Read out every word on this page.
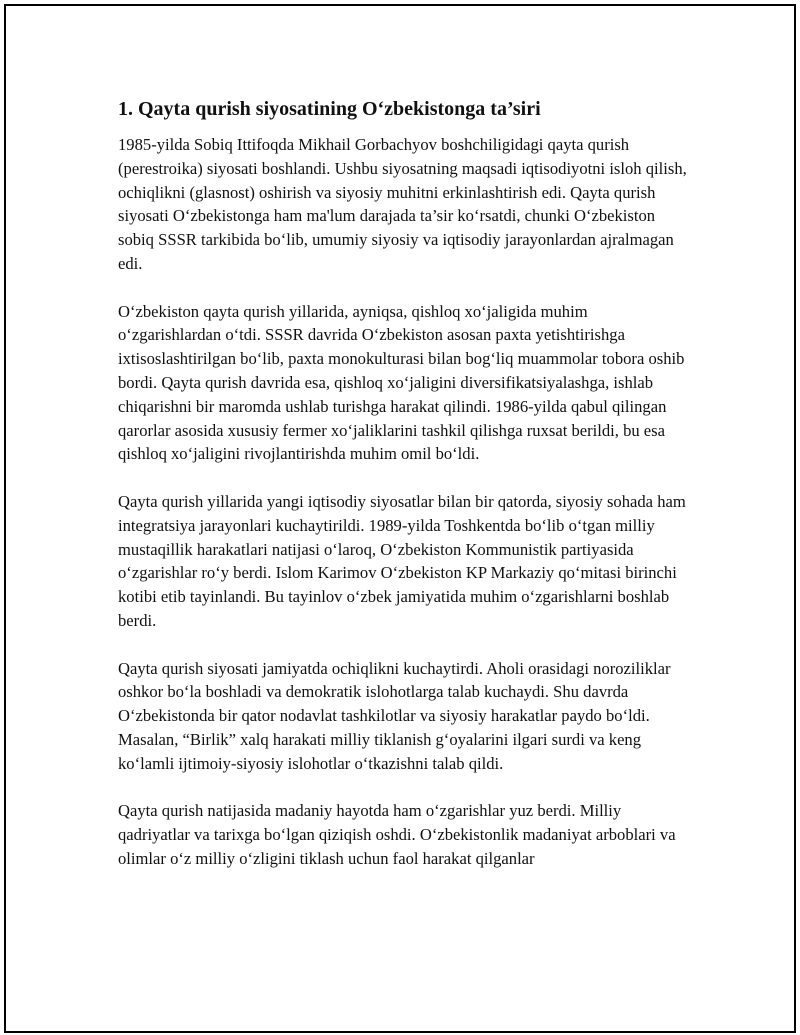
1. Qayta qurish siyosatining O‘zbekistonga ta’siri

1985-yilda Sobiq Ittifoqda Mikhail Gorbachyov boshchiligidagi qayta qurish (perestroika) siyosati boshlandi. Ushbu siyosatning maqsadi iqtisodiyotni isloh qilish, ochiqlikni (glasnost) oshirish va siyosiy muhitni erkinlashtirish edi. Qayta qurish siyosati O‘zbekistonga ham ma'lum darajada ta’sir ko‘rsatdi, chunki O‘zbekiston sobiq SSSR tarkibida bo‘lib, umumiy siyosiy va iqtisodiy jarayonlardan ajralmagan edi.

O‘zbekiston qayta qurish yillarida, ayniqsa, qishloq xo‘jaligida muhim o‘zgarishlardan o‘tdi. SSSR davrida O‘zbekiston asosan paxta yetishtirishga ixtisoslashtirilgan bo‘lib, paxta monokulturasi bilan bog‘liq muammolar tobora oshib bordi. Qayta qurish davrida esa, qishloq xo‘jaligini diversifikatsiyalashga, ishlab chiqarishni bir maromda ushlab turishga harakat qilindi. 1986-yilda qabul qilingan qarorlar asosida xususiy fermer xo‘jaliklarini tashkil qilishga ruxsat berildi, bu esa qishloq xo‘jaligini rivojlantirishda muhim omil bo‘ldi.

Qayta qurish yillarida yangi iqtisodiy siyosatlar bilan bir qatorda, siyosiy sohada ham integratsiya jarayonlari kuchaytirildi. 1989-yilda Toshkentda bo‘lib o‘tgan milliy mustaqillik harakatlari natijasi o‘laroq, O‘zbekiston Kommunistik partiyasida o‘zgarishlar ro‘y berdi. Islom Karimov O‘zbekiston KP Markaziy qo‘mitasi birinchi kotibi etib tayinlandi. Bu tayinlov o‘zbek jamiyatida muhim o‘zgarishlarni boshlab berdi.

Qayta qurish siyosati jamiyatda ochiqlikni kuchaytirdi. Aholi orasidagi noroziliklar oshkor bo‘la boshladi va demokratik islohotlarga talab kuchaydi. Shu davrda O‘zbekistonda bir qator nodavlat tashkilotlar va siyosiy harakatlar paydo bo‘ldi. Masalan, “Birlik” xalq harakati milliy tiklanish g‘oyalarini ilgari surdi va keng ko‘lamli ijtimoiy-siyosiy islohotlar o‘tkazishni talab qildi.

Qayta qurish natijasida madaniy hayotda ham o‘zgarishlar yuz berdi. Milliy qadriyatlar va tarixga bo‘lgan qiziqish oshdi. O‘zbekistonlik madaniyat arboblari va olimlar o‘z milliy o‘zligini tiklash uchun faol harakat qilganlar
